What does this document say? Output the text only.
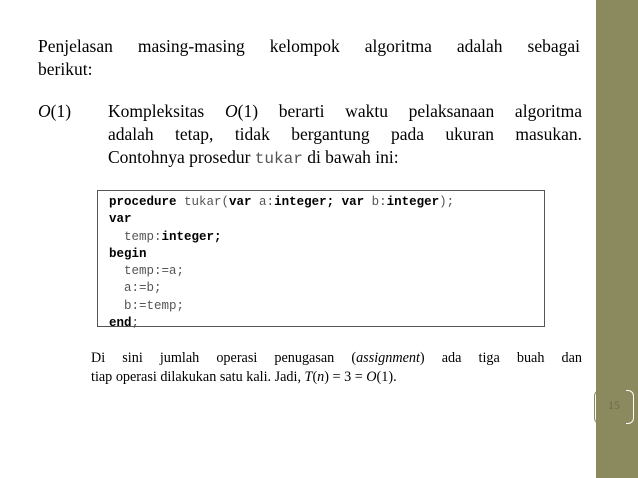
Penjelasan masing-masing kelompok algoritma adalah sebagai
berikut:
O(1) Kompleksitas O(1) berarti waktu pelaksanaan algoritma
adalah tetap, tidak bergantung pada ukuran masukan.
Contohnya prosedur tukar di bawah ini:
procedure tukar(var a:integer; var b:integer);
var
temp:integer;
begin
temp:=a;
a:=b;
b:=temp;
end;
Di sini jumlah operasi penugasan (assignment) ada tiga buah dan
tiap operasi dilakukan satu kali. Jadi, T(n) = 3 = O(1).
15
